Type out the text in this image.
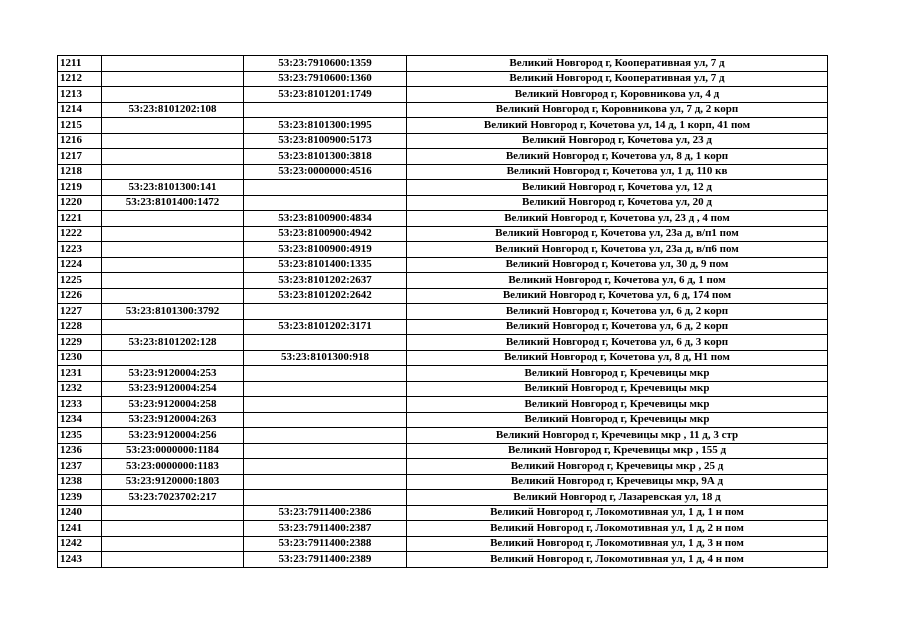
1211		53:23:7910600:1359	Великий Новгород г, Кооперативная ул, 7 д
1212		53:23:7910600:1360	Великий Новгород г, Кооперативная ул, 7 д
1213		53:23:8101201:1749	Великий Новгород г, Коровникова ул, 4 д
1214	53:23:8101202:108		Великий Новгород г, Коровникова ул, 7 д, 2 корп
1215		53:23:8101300:1995	Великий Новгород г, Кочетова ул, 14 д, 1 корп, 41 пом
1216		53:23:8100900:5173	Великий Новгород г, Кочетова ул, 23 д
1217		53:23:8101300:3818	Великий Новгород г, Кочетова ул, 8 д, 1 корп
1218		53:23:0000000:4516	Великий Новгород г, Кочетова ул, 1 д, 110 кв
1219	53:23:8101300:141		Великий Новгород г, Кочетова ул, 12 д
1220	53:23:8101400:1472		Великий Новгород г, Кочетова ул, 20 д
1221		53:23:8100900:4834	Великий Новгород г, Кочетова ул, 23 д , 4 пом
1222		53:23:8100900:4942	Великий Новгород г, Кочетова ул, 23а д, в/п1 пом
1223		53:23:8100900:4919	Великий Новгород г, Кочетова ул, 23а д, в/п6 пом
1224		53:23:8101400:1335	Великий Новгород г, Кочетова ул, 30 д, 9 пом
1225		53:23:8101202:2637	Великий Новгород г, Кочетова ул, 6 д, 1 пом
1226		53:23:8101202:2642	Великий Новгород г, Кочетова ул, 6 д, 174 пом
1227	53:23:8101300:3792		Великий Новгород г, Кочетова ул, 6 д, 2 корп
1228		53:23:8101202:3171	Великий Новгород г, Кочетова ул, 6 д, 2 корп
1229	53:23:8101202:128		Великий Новгород г, Кочетова ул, 6 д, 3 корп
1230		53:23:8101300:918	Великий Новгород г, Кочетова ул, 8 д, Н1 пом
1231	53:23:9120004:253		Великий Новгород г, Кречевицы мкр
1232	53:23:9120004:254		Великий Новгород г, Кречевицы мкр
1233	53:23:9120004:258		Великий Новгород г, Кречевицы мкр
1234	53:23:9120004:263		Великий Новгород г, Кречевицы мкр
1235	53:23:9120004:256		Великий Новгород г, Кречевицы мкр , 11 д, 3 стр
1236	53:23:0000000:1184		Великий Новгород г, Кречевицы мкр , 155 д
1237	53:23:0000000:1183		Великий Новгород г, Кречевицы мкр , 25 д
1238	53:23:9120000:1803		Великий Новгород г, Кречевицы мкр, 9А д
1239	53:23:7023702:217		Великий Новгород г, Лазаревская ул, 18 д
1240		53:23:7911400:2386	Великий Новгород г, Локомотивная ул, 1 д, 1 н пом
1241		53:23:7911400:2387	Великий Новгород г, Локомотивная ул, 1 д, 2 н пом
1242		53:23:7911400:2388	Великий Новгород г, Локомотивная ул, 1 д, 3 н пом
1243		53:23:7911400:2389	Великий Новгород г, Локомотивная ул, 1 д, 4 н пом
